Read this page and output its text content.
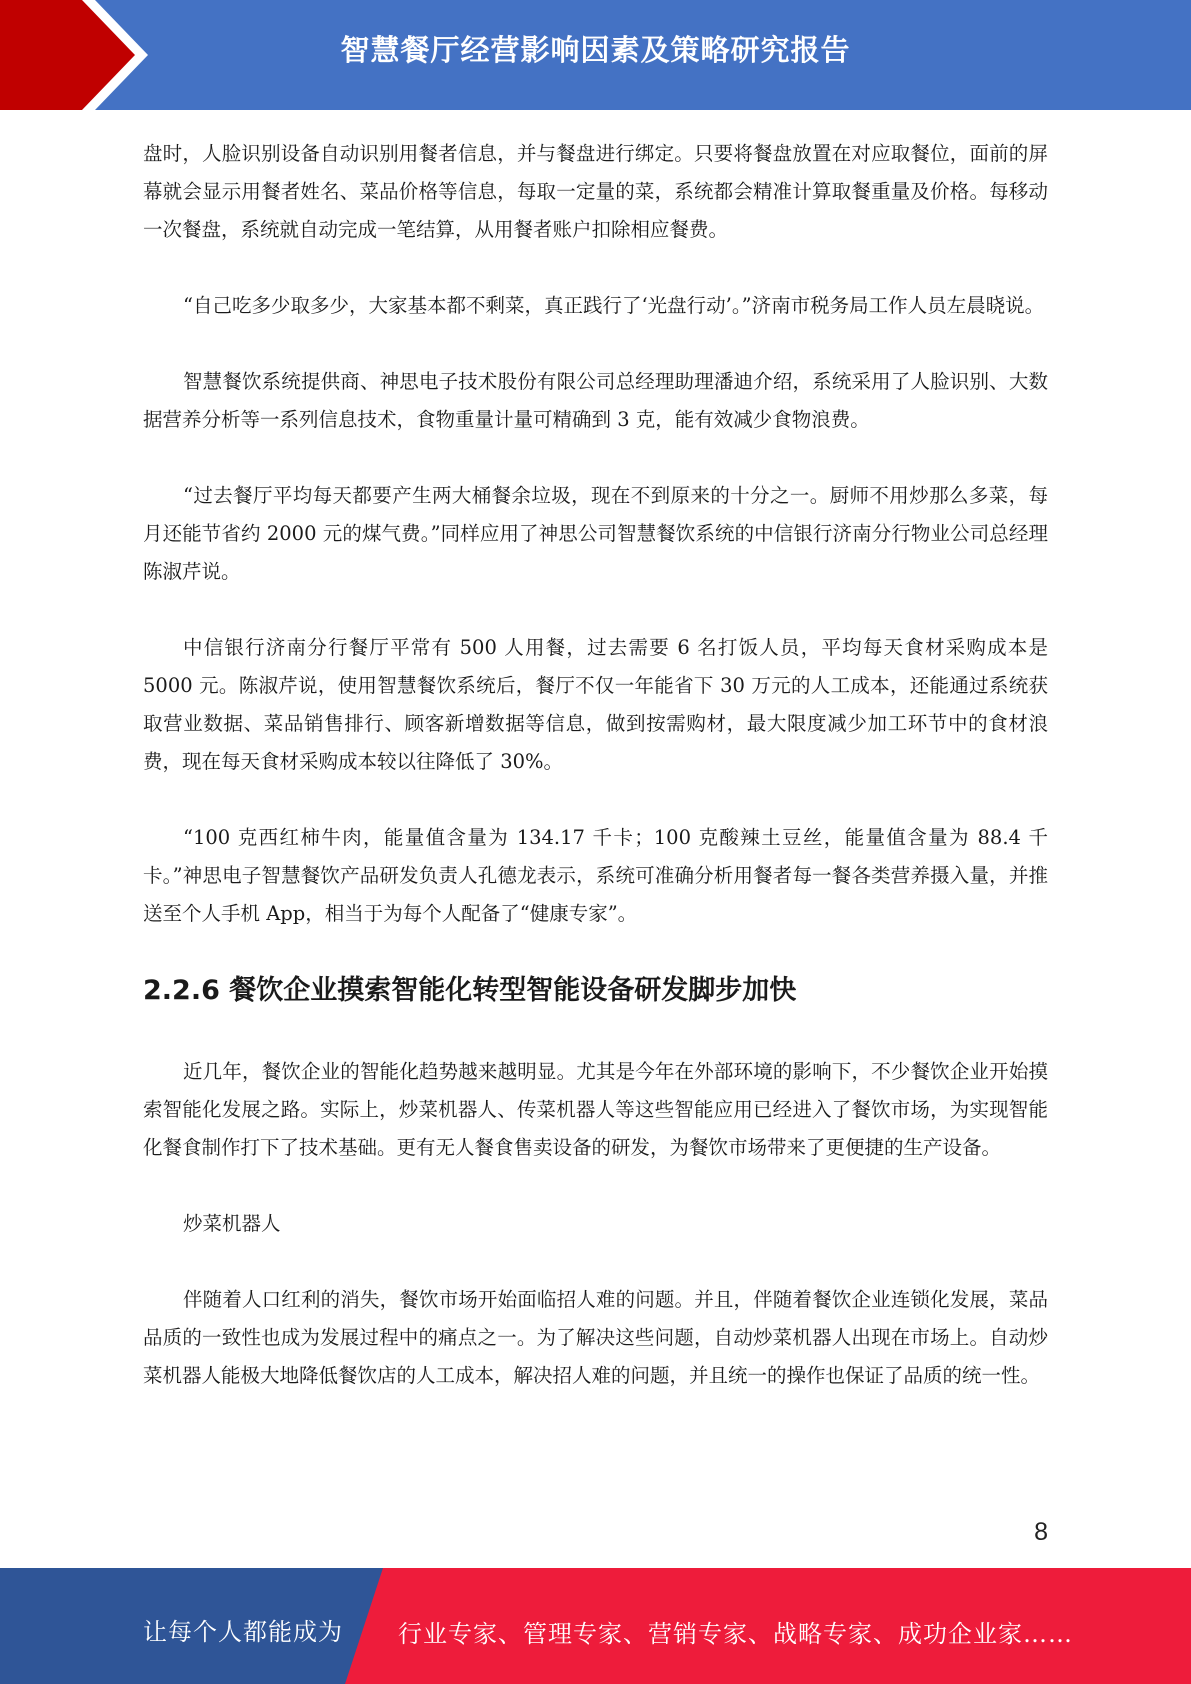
智慧餐厅经营影响因素及策略研究报告

盘时，人脸识别设备自动识别用餐者信息，并与餐盘进行绑定。只要将餐盘放置在对应取餐位，面前的屏幕就会显示用餐者姓名、菜品价格等信息，每取一定量的菜，系统都会精准计算取餐重量及价格。每移动一次餐盘，系统就自动完成一笔结算，从用餐者账户扣除相应餐费。

“自己吃多少取多少，大家基本都不剩菜，真正践行了‘光盘行动’。”济南市税务局工作人员左晨晓说。

智慧餐饮系统提供商、神思电子技术股份有限公司总经理助理潘迪介绍，系统采用了人脸识别、大数据营养分析等一系列信息技术，食物重量计量可精确到 3 克，能有效减少食物浪费。

“过去餐厅平均每天都要产生两大桶餐余垃圾，现在不到原来的十分之一。厨师不用炒那么多菜，每月还能节省约 2000 元的煤气费。”同样应用了神思公司智慧餐饮系统的中信银行济南分行物业公司总经理陈淑芹说。

中信银行济南分行餐厅平常有 500 人用餐，过去需要 6 名打饭人员，平均每天食材采购成本是 5000 元。陈淑芹说，使用智慧餐饮系统后，餐厅不仅一年能省下 30 万元的人工成本，还能通过系统获取营业数据、菜品销售排行、顾客新增数据等信息，做到按需购材，最大限度减少加工环节中的食材浪费，现在每天食材采购成本较以往降低了 30%。

“100 克西红柿牛肉，能量值含量为 134.17 千卡；100 克酸辣土豆丝，能量值含量为 88.4 千卡。”神思电子智慧餐饮产品研发负责人孔德龙表示，系统可准确分析用餐者每一餐各类营养摄入量，并推送至个人手机 App，相当于为每个人配备了“健康专家”。

2.2.6 餐饮企业摸索智能化转型智能设备研发脚步加快

近几年，餐饮企业的智能化趋势越来越明显。尤其是今年在外部环境的影响下，不少餐饮企业开始摸索智能化发展之路。实际上，炒菜机器人、传菜机器人等这些智能应用已经进入了餐饮市场，为实现智能化餐食制作打下了技术基础。更有无人餐食售卖设备的研发，为餐饮市场带来了更便捷的生产设备。

炒菜机器人

伴随着人口红利的消失，餐饮市场开始面临招人难的问题。并且，伴随着餐饮企业连锁化发展，菜品品质的一致性也成为发展过程中的痛点之一。为了解决这些问题，自动炒菜机器人出现在市场上。自动炒菜机器人能极大地降低餐饮店的人工成本，解决招人难的问题，并且统一的操作也保证了品质的统一性。

8
让每个人都能成为 行业专家、管理专家、营销专家、战略专家、成功企业家……
